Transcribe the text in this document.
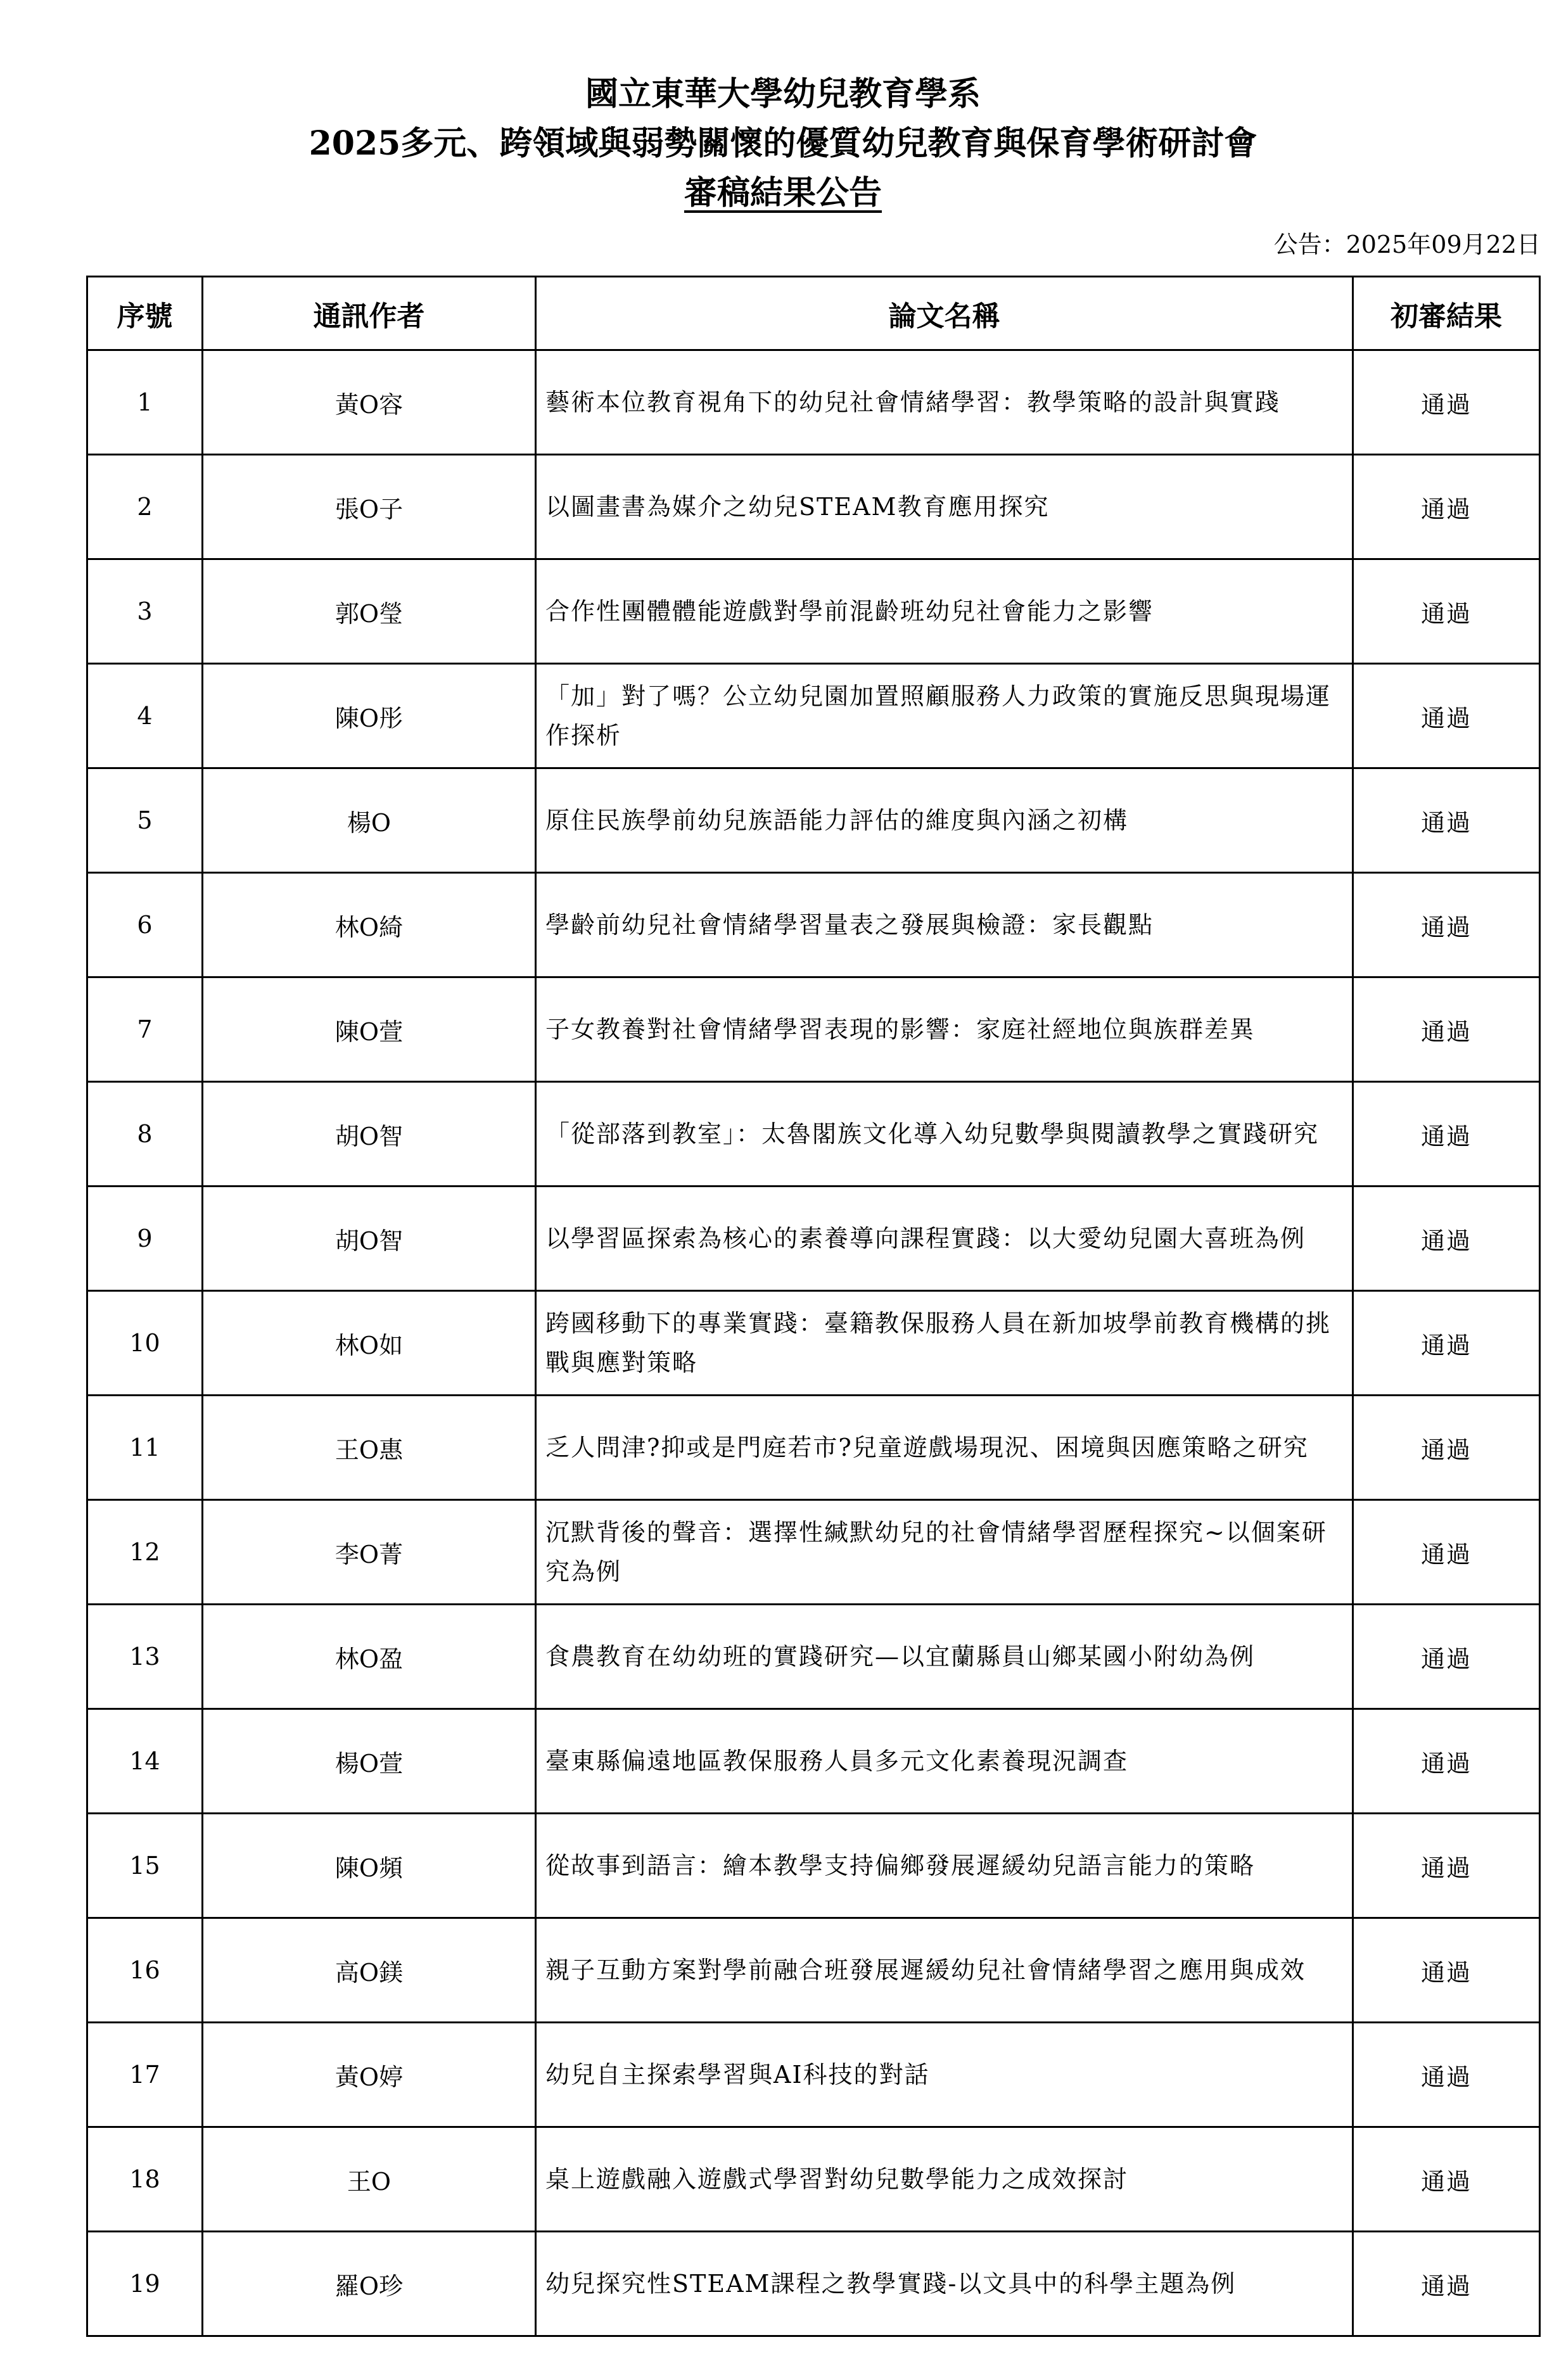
國立東華大學幼兒教育學系
2025多元、跨領域與弱勢關懷的優質幼兒教育與保育學術研討會
審稿結果公告
公告：2025年09月22日
序號	通訊作者	論文名稱	初審結果
1	黃O容	藝術本位教育視角下的幼兒社會情緒學習：教學策略的設計與實踐	通過
2	張O子	以圖畫書為媒介之幼兒STEAM教育應用探究	通過
3	郭O瑩	合作性團體體能遊戲對學前混齡班幼兒社會能力之影響	通過
4	陳O彤	「加」對了嗎？公立幼兒園加置照顧服務人力政策的實施反思與現場運作探析	通過
5	楊O	原住民族學前幼兒族語能力評估的維度與內涵之初構	通過
6	林O綺	學齡前幼兒社會情緒學習量表之發展與檢證：家長觀點	通過
7	陳O萱	子女教養對社會情緒學習表現的影響：家庭社經地位與族群差異	通過
8	胡O智	「從部落到教室」：太魯閣族文化導入幼兒數學與閱讀教學之實踐研究	通過
9	胡O智	以學習區探索為核心的素養導向課程實踐：以大愛幼兒園大喜班為例	通過
10	林O如	跨國移動下的專業實踐：臺籍教保服務人員在新加坡學前教育機構的挑戰與應對策略	通過
11	王O惠	乏人問津?抑或是門庭若市?兒童遊戲場現況、困境與因應策略之研究	通過
12	李O菁	沉默背後的聲音：選擇性緘默幼兒的社會情緒學習歷程探究~以個案研究為例	通過
13	林O盈	食農教育在幼幼班的實踐研究—以宜蘭縣員山鄉某國小附幼為例	通過
14	楊O萱	臺東縣偏遠地區教保服務人員多元文化素養現況調查	通過
15	陳O頻	從故事到語言：繪本教學支持偏鄉發展遲緩幼兒語言能力的策略	通過
16	高O鎂	親子互動方案對學前融合班發展遲緩幼兒社會情緒學習之應用與成效	通過
17	黃O婷	幼兒自主探索學習與AI科技的對話	通過
18	王O	桌上遊戲融入遊戲式學習對幼兒數學能力之成效探討	通過
19	羅O珍	幼兒探究性STEAM課程之教學實踐-以文具中的科學主題為例	通過
